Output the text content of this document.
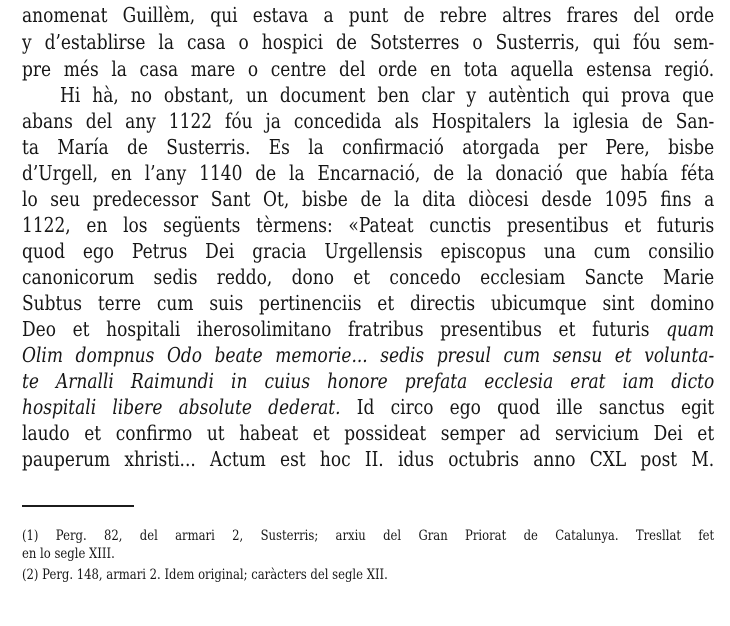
anomenat Guillèm, qui estava a punt de rebre altres frares del orde
y d’establirse la casa o hospici de Sotsterres o Susterris, qui fóu sem-
pre més la casa mare o centre del orde en tota aquella estensa regió.
Hi hà, no obstant, un document ben clar y autèntich qui prova que
abans del any 1122 fóu ja concedida als Hospitalers la iglesia de San-
ta María de Susterris. Es la confirmació atorgada per Pere, bisbe
d’Urgell, en l’any 1140 de la Encarnació, de la donació que había féta
lo seu predecessor Sant Ot, bisbe de la dita diòcesi desde 1095 fins a
1122, en los següents tèrmens: «Pateat cunctis presentibus et futuris
quod ego Petrus Dei gracia Urgellensis episcopus una cum consilio
canonicorum sedis reddo, dono et concedo ecclesiam Sancte Marie
Subtus terre cum suis pertinenciis et directis ubicumque sint domino
Deo et hospitali iherosolimitano fratribus presentibus et futuris quam
Olim dompnus Odo beate memorie... sedis presul cum sensu et volunta-
te Arnalli Raimundi in cuius honore prefata ecclesia erat iam dicto
hospitali libere absolute dederat. Id circo ego quod ille sanctus egit
laudo et confirmo ut habeat et possideat semper ad servicium Dei et
pauperum xhristi... Actum est hoc II. idus octubris anno CXL post M.
(1) Perg. 82, del armari 2, Susterris; arxiu del Gran Priorat de Catalunya. Tresllat fet
en lo segle XIII.
(2) Perg. 148, armari 2. Idem original; caràcters del segle XII.
